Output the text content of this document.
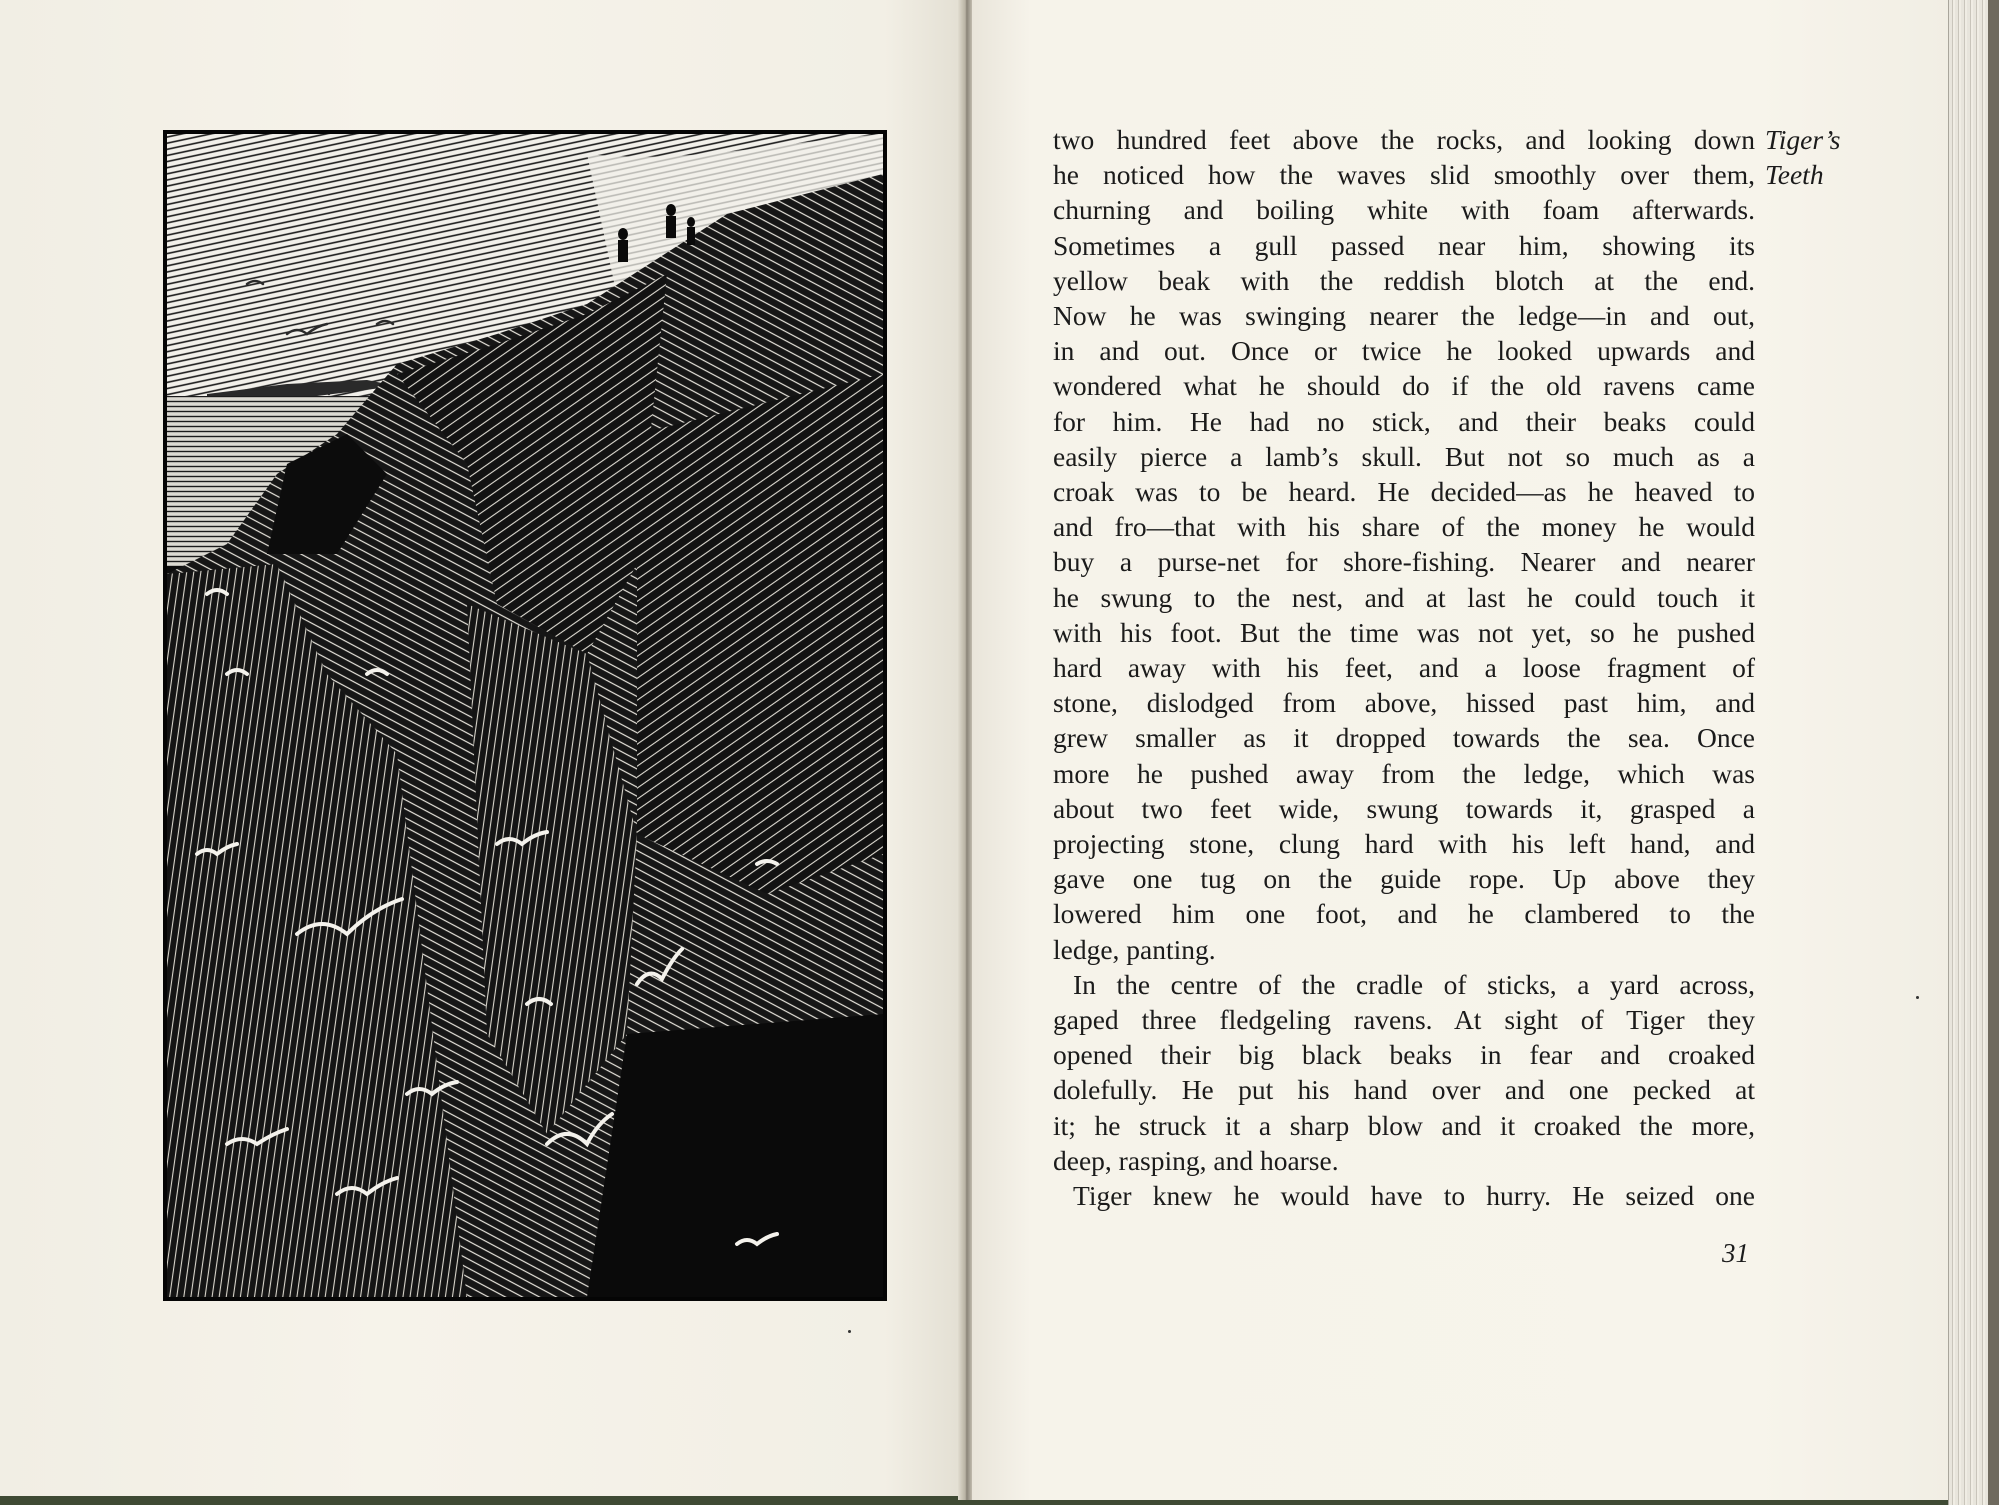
two hundred feet above the rocks, and looking down
he noticed how the waves slid smoothly over them,
churning and boiling white with foam afterwards.
Sometimes a gull passed near him, showing its
yellow beak with the reddish blotch at the end.
Now he was swinging nearer the ledge—in and out,
in and out. Once or twice he looked upwards and
wondered what he should do if the old ravens came
for him. He had no stick, and their beaks could
easily pierce a lamb’s skull. But not so much as a
croak was to be heard. He decided—as he heaved to
and fro—that with his share of the money he would
buy a purse-net for shore-fishing. Nearer and nearer
he swung to the nest, and at last he could touch it
with his foot. But the time was not yet, so he pushed
hard away with his feet, and a loose fragment of
stone, dislodged from above, hissed past him, and
grew smaller as it dropped towards the sea. Once
more he pushed away from the ledge, which was
about two feet wide, swung towards it, grasped a
projecting stone, clung hard with his left hand, and
gave one tug on the guide rope. Up above they
lowered him one foot, and he clambered to the
ledge, panting.
In the centre of the cradle of sticks, a yard across,
gaped three fledgeling ravens. At sight of Tiger they
opened their big black beaks in fear and croaked
dolefully. He put his hand over and one pecked at
it; he struck it a sharp blow and it croaked the more,
deep, rasping, and hoarse.
Tiger knew he would have to hurry. He seized one
Tiger’s
Teeth
31
